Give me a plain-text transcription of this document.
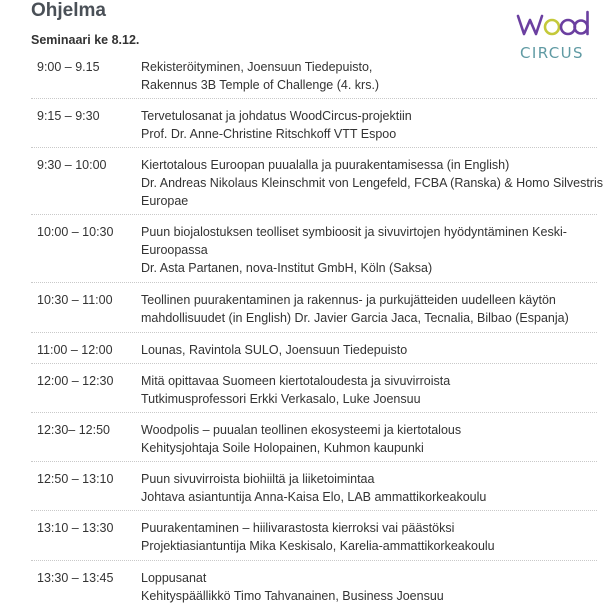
Ohjelma
Seminaari ke 8.12.
CIRCUS
9:00 – 9.15	Rekisteröityminen, Joensuun Tiedepuisto,
Rakennus 3B Temple of Challenge (4. krs.)
9:15 – 9:30	Tervetulosanat ja johdatus WoodCircus-projektiin
Prof. Dr. Anne-Christine Ritschkoff VTT Espoo
9:30 – 10:00	Kiertotalous Euroopan puualalla ja puurakentamisessa (in English)
Dr. Andreas Nikolaus Kleinschmit von Lengefeld, FCBA (Ranska) & Homo Silvestris
Europae
10:00 – 10:30 Puun biojalostuksen teolliset symbioosit ja sivuvirtojen hyödyntäminen Keski-
Euroopassa
Dr. Asta Partanen, nova-Institut GmbH, Köln (Saksa)
10:30 – 11:00 Teollinen puurakentaminen ja rakennus- ja purkujätteiden uudelleen käytön
mahdollisuudet (in English) Dr. Javier Garcia Jaca, Tecnalia, Bilbao (Espanja)
11:00 – 12:00 Lounas, Ravintola SULO, Joensuun Tiedepuisto
12:00 – 12:30 Mitä opittavaa Suomeen kiertotaloudesta ja sivuvirroista
Tutkimusprofessori Erkki Verkasalo, Luke Joensuu
12:30– 12:50 Woodpolis – puualan teollinen ekosysteemi ja kiertotalous
Kehitysjohtaja Soile Holopainen, Kuhmon kaupunki
12:50 – 13:10 Puun sivuvirroista biohiiltä ja liiketoimintaa
Johtava asiantuntija Anna-Kaisa Elo, LAB ammattikorkeakoulu
13:10 – 13:30 Puurakentaminen – hiilivarastosta kierroksi vai päästöksi
Projektiasiantuntija Mika Keskisalo, Karelia-ammattikorkeakoulu
13:30 – 13:45 Loppusanat
Kehityspäällikkö Timo Tahvanainen, Business Joensuu
